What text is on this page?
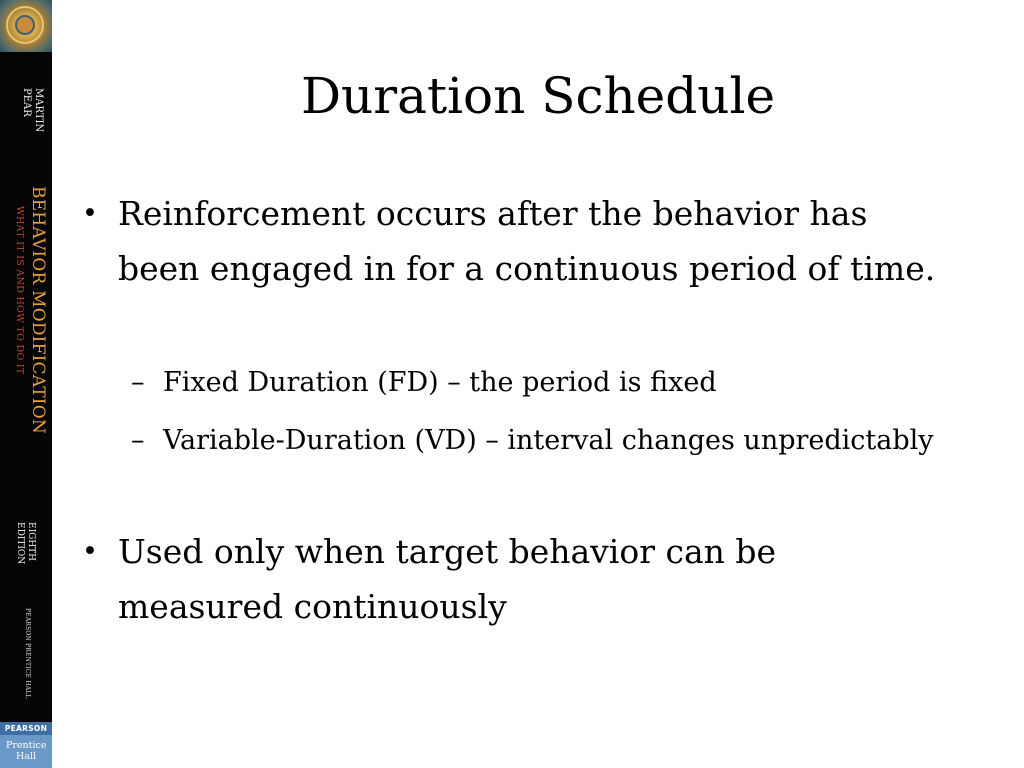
MARTIN
PEAR
BEHAVIOR MODIFICATION
WHAT IT IS AND HOW TO DO IT
EIGHTH
EDITION
PEARSON PRENTICE HALL
PEARSON
Prentice
Hall
Duration Schedule
• Reinforcement occurs after the behavior has been engaged in for a continuous period of time.
– Fixed Duration (FD) – the period is fixed
– Variable-Duration (VD) – interval changes unpredictably
• Used only when target behavior can be measured continuously
